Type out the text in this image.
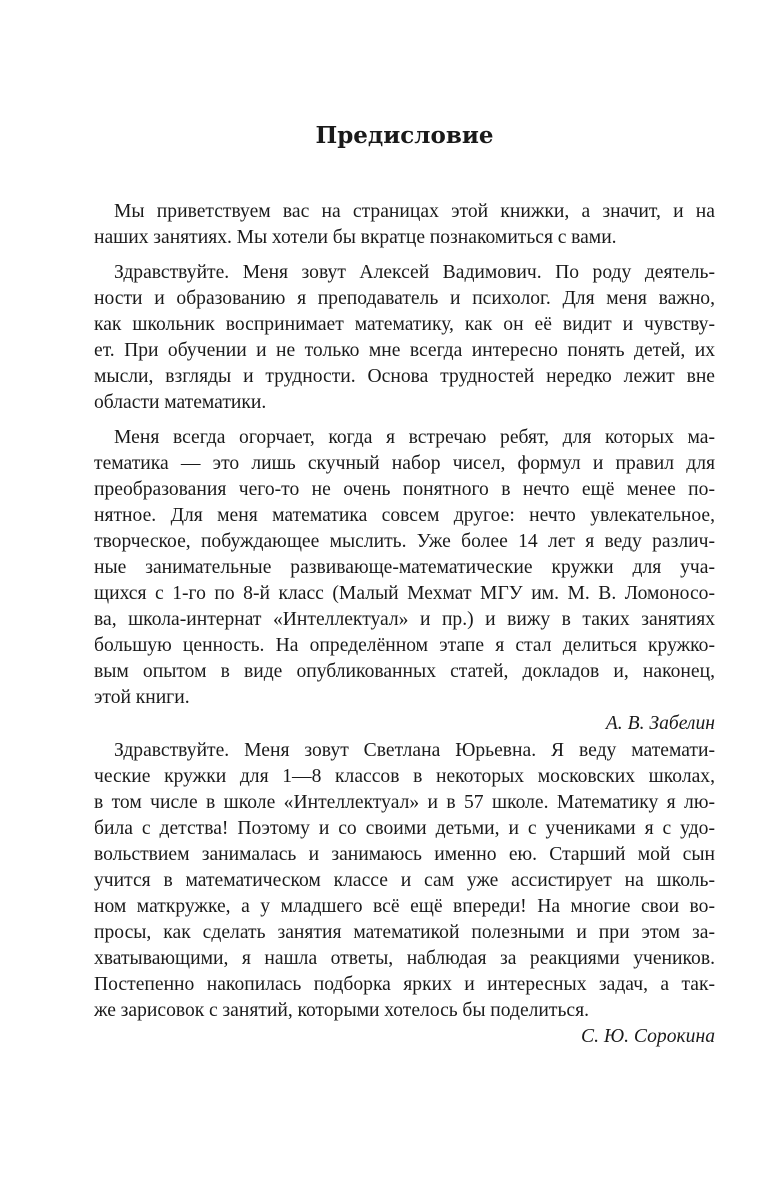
Предисловие

Мы приветствуем вас на страницах этой книжки, а значит, и на
наших занятиях. Мы хотели бы вкратце познакомиться с вами.

Здравствуйте. Меня зовут Алексей Вадимович. По роду деятель-
ности и образованию я преподаватель и психолог. Для меня важно,
как школьник воспринимает математику, как он её видит и чувству-
ет. При обучении и не только мне всегда интересно понять детей, их
мысли, взгляды и трудности. Основа трудностей нередко лежит вне
области математики.

Меня всегда огорчает, когда я встречаю ребят, для которых ма-
тематика — это лишь скучный набор чисел, формул и правил для
преобразования чего-то не очень понятного в нечто ещё менее по-
нятное. Для меня математика совсем другое: нечто увлекательное,
творческое, побуждающее мыслить. Уже более 14 лет я веду различ-
ные занимательные развивающе-математические кружки для уча-
щихся с 1-го по 8-й класс (Малый Мехмат МГУ им. М. В. Ломоносо-
ва, школа-интернат «Интеллектуал» и пр.) и вижу в таких занятиях
большую ценность. На определённом этапе я стал делиться кружко-
вым опытом в виде опубликованных статей, докладов и, наконец,
этой книги.

А. В. Забелин

Здравствуйте. Меня зовут Светлана Юрьевна. Я веду математи-
ческие кружки для 1—8 классов в некоторых московских школах,
в том числе в школе «Интеллектуал» и в 57 школе. Математику я лю-
била с детства! Поэтому и со своими детьми, и с учениками я с удо-
вольствием занималась и занимаюсь именно ею. Старший мой сын
учится в математическом классе и сам уже ассистирует на школь-
ном маткружке, а у младшего всё ещё впереди! На многие свои во-
просы, как сделать занятия математикой полезными и при этом за-
хватывающими, я нашла ответы, наблюдая за реакциями учеников.
Постепенно накопилась подборка ярких и интересных задач, а так-
же зарисовок с занятий, которыми хотелось бы поделиться.

С. Ю. Сорокина
